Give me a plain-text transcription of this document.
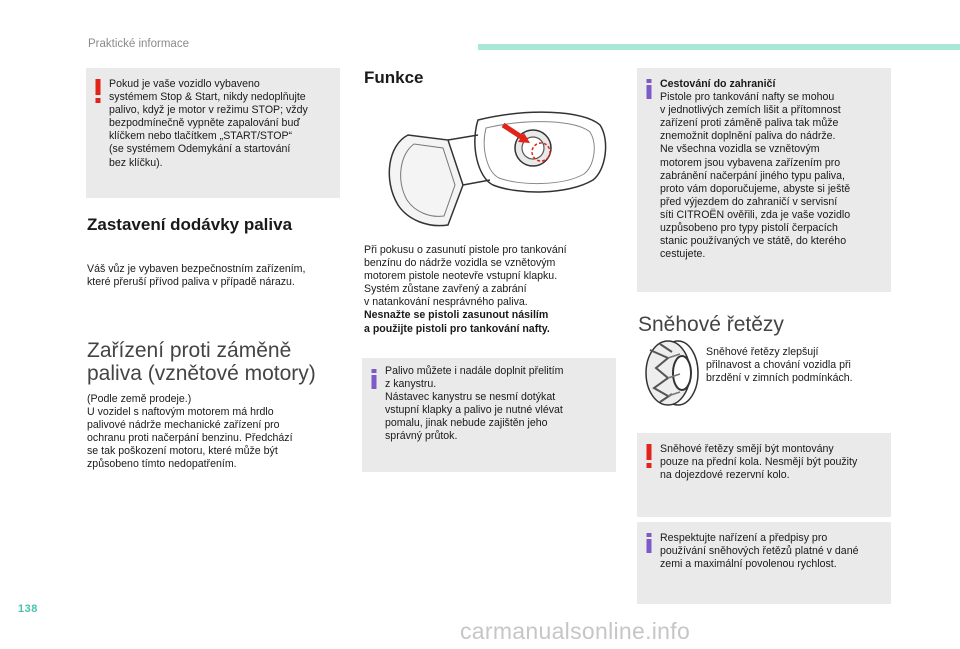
Praktické informace

Pokud je vaše vozidlo vybaveno

systémem Stop & Start, nikdy nedoplňujte

palivo, když je motor v režimu STOP; vždy

bezpodmínečně vypněte zapalování buď

klíčkem nebo tlačítkem „START/STOP“

(se systémem Odemykání a startování

bez klíčku).

Zastavení dodávky paliva
Váš vůz je vybaven bezpečnostním zařízením,
které přeruší přívod paliva v případě nárazu.
Zařízení proti záměně
paliva (vznětové motory)
(Podle země prodeje.)
U vozidel s naftovým motorem má hrdlo
palivové nádrže mechanické zařízení pro
ochranu proti načerpání benzinu. Předchází
se tak poškození motoru, které může být
způsobeno tímto nedopatřením.
Funkce
Při pokusu o zasunutí pistole pro tankování
benzínu do nádrže vozidla se vznětovým
motorem pistole neotevře vstupní klapku.
Systém zůstane zavřený a zabrání
v natankování nesprávného paliva.
Nesnažte se pistoli zasunout násilím
a použijte pistoli pro tankování nafty.

Palivo můžete i nadále doplnit přelitím

z kanystru.

Nástavec kanystru se nesmí dotýkat

vstupní klapky a palivo je nutné vlévat

pomalu, jinak nebude zajištěn jeho

správný průtok.

Cestování do zahraničí

Pistole pro tankování nafty se mohou

v jednotlivých zemích lišit a přítomnost

zařízení proti záměně paliva tak může

znemožnit doplnění paliva do nádrže.

Ne všechna vozidla se vznětovým

motorem jsou vybavena zařízením pro

zabránění načerpání jiného typu paliva,

proto vám doporučujeme, abyste si ještě

před výjezdem do zahraničí v servisní

síti CITROËN ověřili, zda je vaše vozidlo

uzpůsobeno pro typy pistolí čerpacích

stanic používaných ve státě, do kterého

cestujete.

Sněhové řetězy
Sněhové řetězy zlepšují
přilnavost a chování vozidla při
brzdění v zimních podmínkách.

Sněhové řetězy smějí být montovány

pouze na přední kola. Nesmějí být použity

na dojezdové rezervní kolo.

Respektujte nařízení a předpisy pro

používání sněhových řetězů platné v dané

zemi a maximální povolenou rychlost.

138
carmanualsonline.info
